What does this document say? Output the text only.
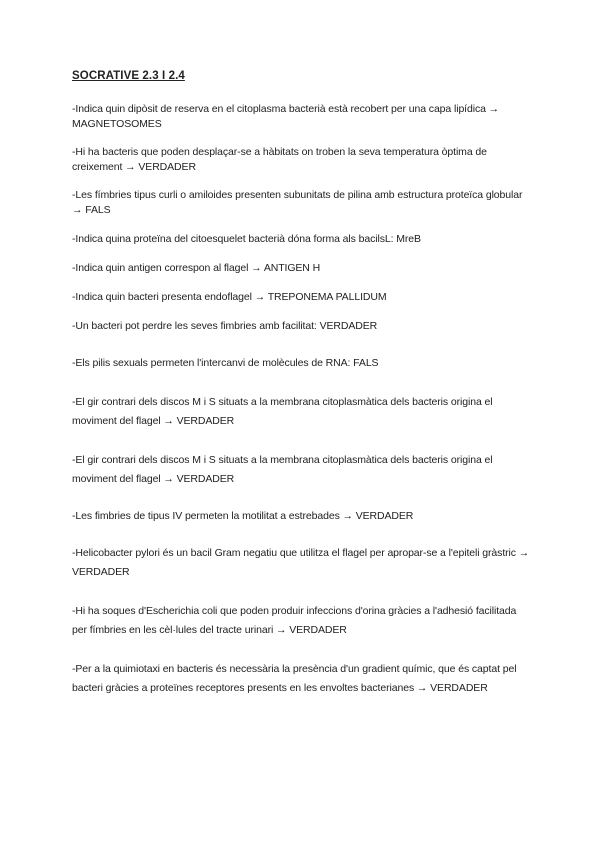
SOCRATIVE 2.3 I 2.4

-Indica quin dipòsit de reserva en el citoplasma bacterià està recobert per una capa lipídica → MAGNETOSOMES

-Hi ha bacteris que poden desplaçar-se a hàbitats on troben la seva temperatura òptima de creixement → VERDADER

-Les fímbries tipus curli o amiloides presenten subunitats de pilina amb estructura proteïca globular → FALS

-Indica quina proteïna del citoesquelet bacterià dóna forma als bacilsL: MreB

-Indica quin antigen correspon al flagel → ANTIGEN H

-Indica quin bacteri presenta endoflagel → TREPONEMA PALLIDUM

-Un bacteri pot perdre les seves fimbries amb facilitat: VERDADER

-Els pilis sexuals permeten l'intercanvi de molècules de RNA: FALS

-El gir contrari dels discos M i S situats a la membrana citoplasmàtica dels bacteris origina el moviment del flagel → VERDADER

-El gir contrari dels discos M i S situats a la membrana citoplasmàtica dels bacteris origina el moviment del flagel → VERDADER

-Les fimbries de tipus IV permeten la motilitat a estrebades → VERDADER

-Helicobacter pylori és un bacil Gram negatiu que utilitza el flagel per apropar-se a l'epiteli gràstric → VERDADER

-Hi ha soques d'Escherichia coli que poden produir infeccions d'orina gràcies a l'adhesió facilitada per fímbries en les cèl·lules del tracte urinari → VERDADER

-Per a la quimiotaxi en bacteris és necessària la presència d'un gradient químic, que és captat pel bacteri gràcies a proteïnes receptores presents en les envoltes bacterianes → VERDADER
